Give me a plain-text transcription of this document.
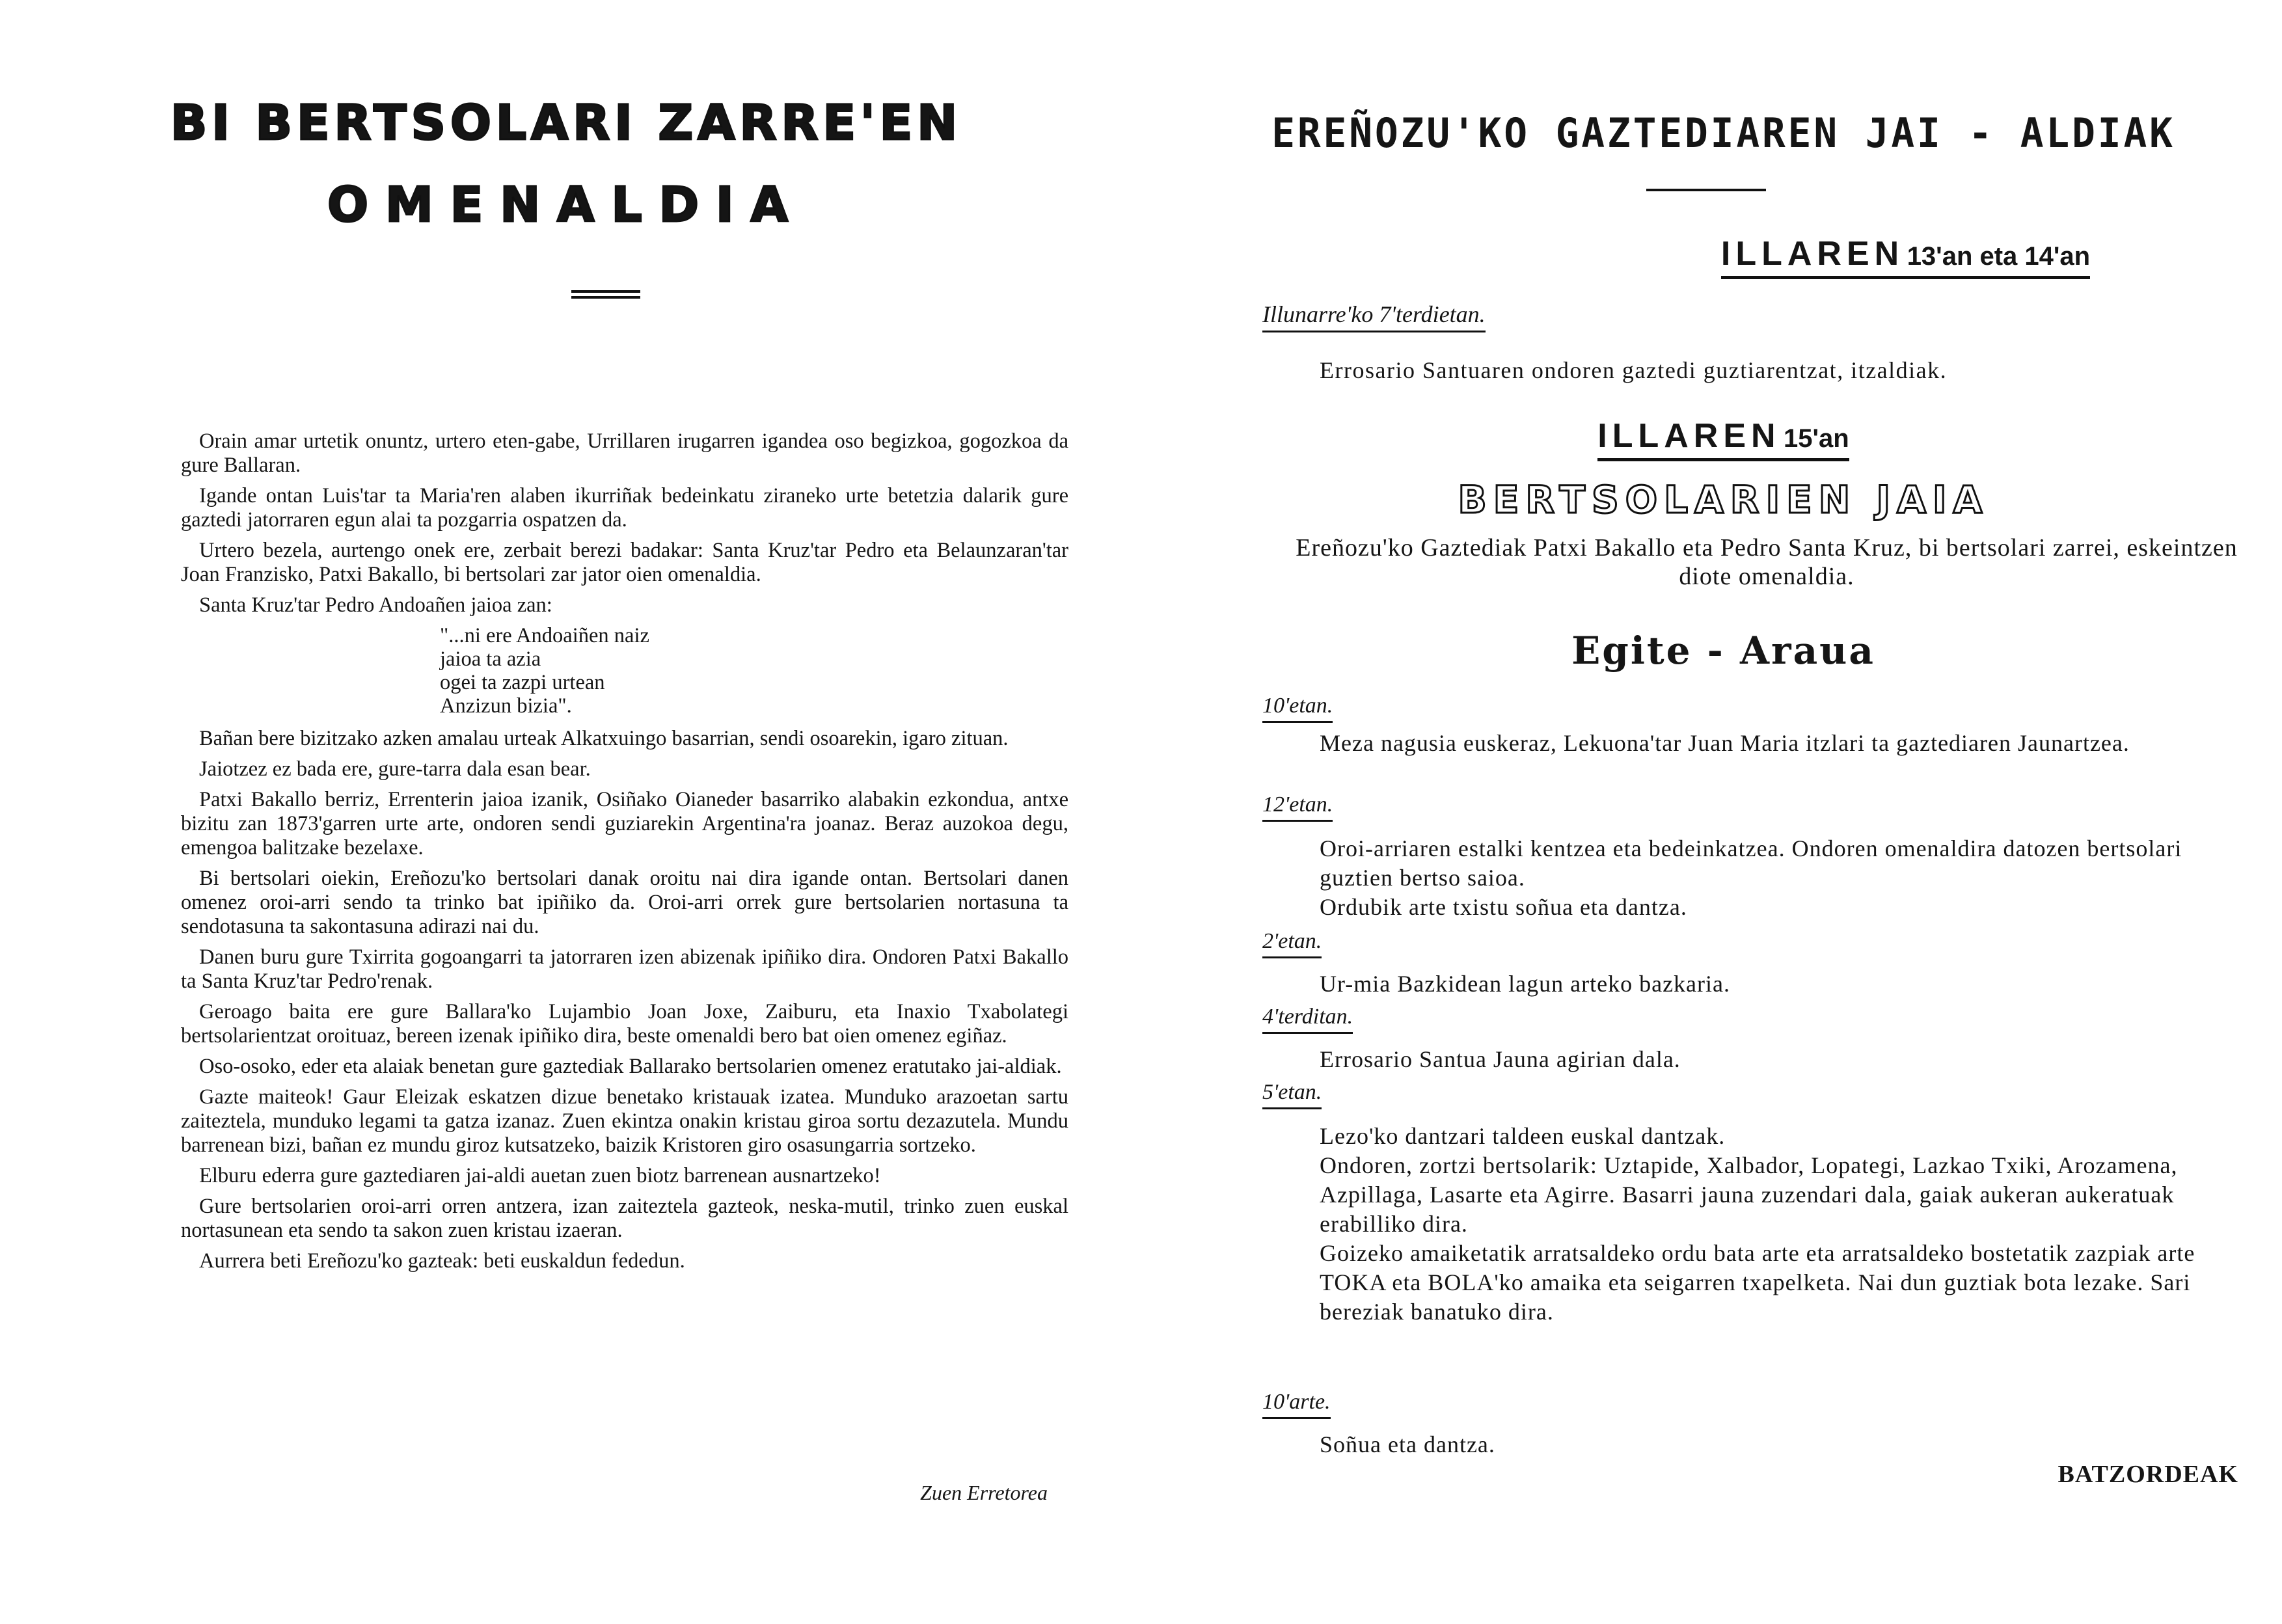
BI BERTSOLARI ZARRE'EN
OMENALDIA

Orain amar urtetik onuntz, urtero eten-gabe, Urrillaren irugarren igandea oso begizkoa, gogozkoa da gure Ballaran.

Igande ontan Luis'tar ta Maria'ren alaben ikurriñak bedeinkatu ziraneko urte betetzia dalarik gure gaztedi jatorraren egun alai ta pozgarria ospatzen da.

Urtero bezela, aurtengo onek ere, zerbait berezi badakar: Santa Kruz'tar Pedro eta Belaunzaran'tar Joan Franzisko, Patxi Bakallo, bi bertsolari zar jator oien omenaldia.

Santa Kruz'tar Pedro Andoañen jaioa zan:

"...ni ere Andoaiñen naiz
jaioa ta azia
ogei ta zazpi urtean
Anzizun bizia".

Bañan bere bizitzako azken amalau urteak Alkatxuingo basarrian, sendi osoarekin, igaro zituan.

Jaiotzez ez bada ere, gure-tarra dala esan bear.

Patxi Bakallo berriz, Errenterin jaioa izanik, Osiñako Oianeder basarriko alabakin ezkondua, antxe bizitu zan 1873'garren urte arte, ondoren sendi guziarekin Argentina'ra joanaz. Beraz auzokoa degu, emengoa balitzake bezelaxe.

Bi bertsolari oiekin, Ereñozu'ko bertsolari danak oroitu nai dira igande ontan. Bertsolari danen omenez oroi-arri sendo ta trinko bat ipiñiko da. Oroi-arri orrek gure bertsolarien nortasuna ta sendotasuna ta sakontasuna adirazi nai du.

Danen buru gure Txirrita gogoangarri ta jatorraren izen abizenak ipiñiko dira. Ondoren Patxi Bakallo ta Santa Kruz'tar Pedro'renak.

Geroago baita ere gure Ballara'ko Lujambio Joan Joxe, Zaiburu, eta Inaxio Txabolategi bertsolarientzat oroituaz, bereen izenak ipiñiko dira, beste omenaldi bero bat oien omenez egiñaz.

Oso-osoko, eder eta alaiak benetan gure gaztediak Ballarako bertsolarien omenez eratutako jai-aldiak.

Gazte maiteok! Gaur Eleizak eskatzen dizue benetako kristauak izatea. Munduko arazoetan sartu zaiteztela, munduko legami ta gatza izanaz. Zuen ekintza onakin kristau giroa sortu dezazutela. Mundu barrenean bizi, bañan ez mundu giroz kutsatzeko, baizik Kristoren giro osasungarria sortzeko.

Elburu ederra gure gaztediaren jai-aldi auetan zuen biotz barrenean ausnartzeko!

Gure bertsolarien oroi-arri orren antzera, izan zaiteztela gazteok, neska-mutil, trinko zuen euskal nortasunean eta sendo ta sakon zuen kristau izaeran.

Aurrera beti Ereñozu'ko gazteak: beti euskaldun fededun.

Zuen Erretorea
EREÑOZU'KO GAZTEDIAREN JAI - ALDIAK
ILLAREN 13'an eta 14'an
Illunarre'ko 7'terdietan.
Errosario Santuaren ondoren gaztedi guztiarentzat, itzaldiak.
ILLAREN 15'an
BERTSOLARIEN JAIA
Ereñozu'ko Gaztediak Patxi Bakallo eta Pedro Santa Kruz, bi bertsolari zarrei, eskeintzen diote omenaldia.
Egite - Araua
10'etan.

Meza nagusia euskeraz, Lekuona'tar Juan Maria itzlari ta gaztediaren Jaunartzea.

12'etan.

Oroi-arriaren estalki kentzea eta bedeinkatzea. Ondoren omenaldira datozen bertsolari guztien bertso saioa.

Ordubik arte txistu soñua eta dantza.

2'etan.

Ur-mia Bazkidean lagun arteko bazkaria.

4'terditan.

Errosario Santua Jauna agirian dala.

5'etan.

Lezo'ko dantzari taldeen euskal dantzak.

Ondoren, zortzi bertsolarik: Uztapide, Xalbador, Lopategi, Lazkao Txiki, Arozamena, Azpillaga, Lasarte eta Agirre. Basarri jauna zuzendari dala, gaiak aukeran aukeratuak erabilliko dira.

Goizeko amaiketatik arratsaldeko ordu bata arte eta arratsaldeko bostetatik zazpiak arte TOKA eta BOLA'ko amaika eta seigarren txapelketa. Nai dun guztiak bota lezake. Sari bereziak banatuko dira.

10'arte.

Soñua eta dantza.

BATZORDEAK
